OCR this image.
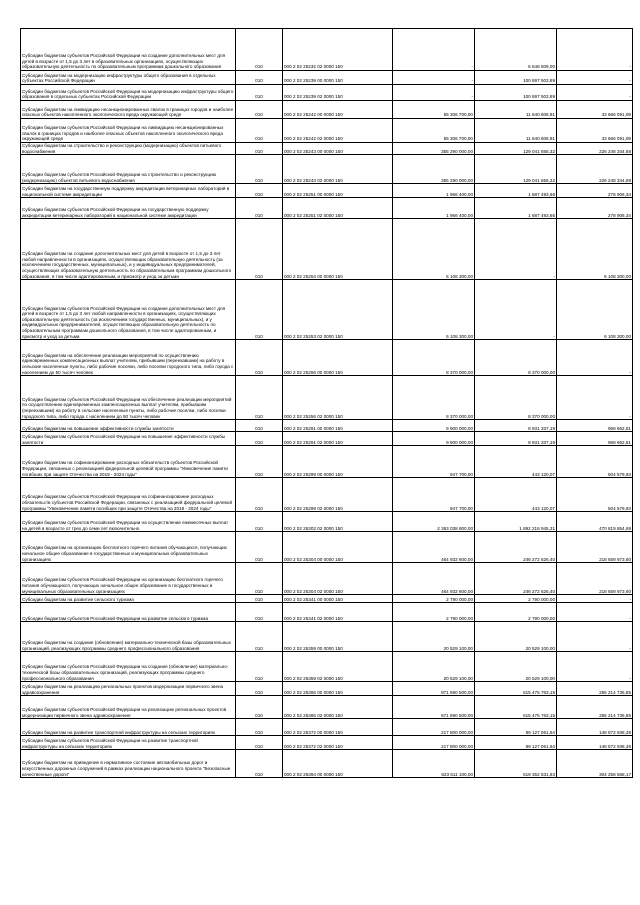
Субсидии бюджетам субъектов Российской Федерации на создание дополнительных мест для детей в возрасте от 1,5 до 3 лет в образовательных организациях, осуществляющих образовательную деятельность по образовательным программам дошкольного образования	010	000 2 02 25232 02 0000 150	-	6 548 509,00	-
Субсидии бюджетам на модернизацию инфраструктуры общего образования в отдельных субъектах Российской Федерации	010	000 2 02 25239 00 0000 150	-	100 697 503,89	-
Субсидии бюджетам субъектов Российской Федерации на модернизацию инфраструктуры общего образования в отдельных субъектах Российской Федерации	010	000 2 02 25239 02 0000 150	-	100 697 503,89	-
Субсидии бюджетам на ликвидацию несанкционированных свалок в границах городов и наиболее опасных объектов накопленного экологического вреда окружающей среде	010	000 2 02 25242 00 0000 150	55 306 700,00	11 640 608,91	43 666 091,09
Субсидии бюджетам субъектов Российской Федерации на ликвидацию несанкционированных свалок в границах городов и наиболее опасных объектов накопленного экологического вреда окружающей среде	010	000 2 02 25242 02 0000 150	55 306 700,00	11 640 608,91	43 666 091,09
Субсидии бюджетам на строительство и реконструкцию (модернизацию) объектов питьевого водоснабжения	010	000 2 02 25243 00 0000 150	355 290 000,00	129 041 655,32	226 248 344,68
Субсидии бюджетам субъектов Российской Федерации на строительство и реконструкцию (модернизацию) объектов питьевого водоснабжения	010	000 2 02 25243 02 0000 150	355 290 000,00	129 041 655,32	226 248 344,68
Субсидии бюджетам на государственную поддержку аккредитации ветеринарных лабораторий в национальной системе аккредитации	010	000 2 02 25251 00 0000 150	1 966 400,00	1 687 493,66	278 906,34
Субсидии бюджетам субъектов Российской Федерации на государственную поддержку аккредитации ветеринарных лабораторий в национальной системе аккредитации	010	000 2 02 25251 02 0000 150	1 966 400,00	1 687 493,66	278 906,34
Субсидии бюджетам на создание дополнительных мест для детей в возрасте от 1,5 до 3 лет любой направленности в организациях, осуществляющих образовательную деятельность (за исключением государственных, муниципальных), и у индивидуальных предпринимателей, осуществляющих образовательную деятельность по образовательным программам дошкольного образования, в том числе адаптированным, и присмотр и уход за детьми	010	000 2 02 25253 00 0000 150	6 108 300,00	-	6 108 300,00
Субсидии бюджетам субъектов Российской Федерации на создание дополнительных мест для детей в возрасте от 1,5 до 3 лет любой направленности в организациях, осуществляющих образовательную деятельность (за исключением государственных, муниципальных), и у индивидуальных предпринимателей, осуществляющих образовательную деятельность по образовательным программам дошкольного образования, в том числе адаптированным, и присмотр и уход за детьми	010	000 2 02 25253 02 0000 150	6 108 300,00	-	6 108 300,00
Субсидии бюджетам на обеспечение реализации мероприятий по осуществлению единовременных компенсационных выплат учителям, прибывшим (переехавшим) на работу в сельские населенные пункты, либо рабочие поселки, либо поселки городского типа, либо города с населением до 50 тысяч человек	010	000 2 02 25256 00 0000 150	8 370 000,00	8 370 000,00	-
Субсидии бюджетам субъектов Российской Федерации на обеспечение реализации мероприятий по осуществлению единовременных компенсационных выплат учителям, прибывшим (переехавшим) на работу в сельские населенные пункты, либо рабочие поселки, либо поселки городского типа, либо города с населением до 50 тысяч человек	010	000 2 02 25256 02 0000 150	8 370 000,00	8 370 000,00	-
Субсидии бюджетам на повышение эффективности службы занятости	010	000 2 02 25291 00 0000 150	9 900 000,00	8 931 337,19	968 662,81
Субсидии бюджетам субъектов Российской Федерации на повышение эффективности службы занятости	010	000 2 02 25291 02 0000 150	9 900 000,00	8 931 337,19	968 662,81
Субсидии бюджетам на софинансирование расходных обязательств субъектов Российской Федерации, связанных с реализацией федеральной целевой программы "Увековечение памяти погибших при защите Отечества на 2019 - 2024 годы"	010	000 2 02 25299 00 0000 150	947 700,00	443 120,07	504 579,93
Субсидии бюджетам субъектов Российской Федерации на софинансирование расходных обязательств субъектов Российской Федерации, связанных с реализацией федеральной целевой программы "Увековечение памяти погибших при защите Отечества на 2019 - 2024 годы"	010	000 2 02 25299 02 0000 150	947 700,00	443 120,07	504 579,93
Субсидии бюджетам субъектов Российской Федерации на осуществление ежемесячных выплат на детей в возрасте от трех до семи лет включительно	010	000 2 02 25302 02 0000 150	2 363 038 800,00	1 892 218 945,31	470 819 854,69
Субсидии бюджетам на организацию бесплатного горячего питания обучающихся, получающих начальное общее образование в государственных и муниципальных образовательных организациях	010	000 2 02 25304 00 0000 150	464 932 600,00	246 272 626,40	218 659 973,60
Субсидии бюджетам субъектов Российской Федерации на организацию бесплатного горячего питания обучающихся, получающих начальное общее образование в государственных и муниципальных образовательных организациях	010	000 2 02 25304 02 0000 150	464 932 600,00	246 272 626,40	218 659 973,60
Субсидии бюджетам на развитие сельского туризма	010	000 2 02 25341 00 0000 150	2 790 000,00	2 790 000,00	-
Субсидии бюджетам субъектов Российской Федерации на развитие сельского туризма	010	000 2 02 25341 02 0000 150	2 790 000,00	2 790 000,00	-
Субсидии бюджетам на создание (обновление) материально-технической базы образовательных организаций, реализующих программы среднего профессионального образования	010	000 2 02 25359 00 0000 150	20 529 100,00	20 529 100,00	-
Субсидии бюджетам субъектов Российской Федерации на создание (обновление) материально-технической базы образовательных организаций, реализующих программы среднего профессионального образования	010	000 2 02 25359 02 0000 150	20 529 100,00	20 529 100,00	-
Субсидии бюджетам на реализацию региональных проектов модернизации первичного звена здравоохранения	010	000 2 02 25365 00 0000 150	871 690 500,00	615 475 763,15	256 214 736,85
Субсидии бюджетам субъектов Российской Федерации на реализацию региональных проектов модернизации первичного звена здравоохранения	010	000 2 02 25365 02 0000 150	871 690 500,00	615 475 763,15	256 214 736,85
Субсидии бюджетам на развитие транспортной инфраструктуры на сельских территориях	010	000 2 02 25372 00 0000 150	217 800 000,00	89 127 061,64	148 672 938,36
Субсидии бюджетам субъектов Российской Федерации на развитие транспортной инфраструктуры на сельских территориях	010	000 2 02 25372 02 0000 150	217 800 000,00	89 127 061,64	148 672 938,36
Субсидии бюджетам на приведение в нормативное состояние автомобильных дорог и искусственных дорожных сооружений в рамках реализации национального проекта "Безопасные качественные дороги"	010	000 2 02 25394 00 0000 150	823 611 100,00	519 352 531,83	304 258 568,17
